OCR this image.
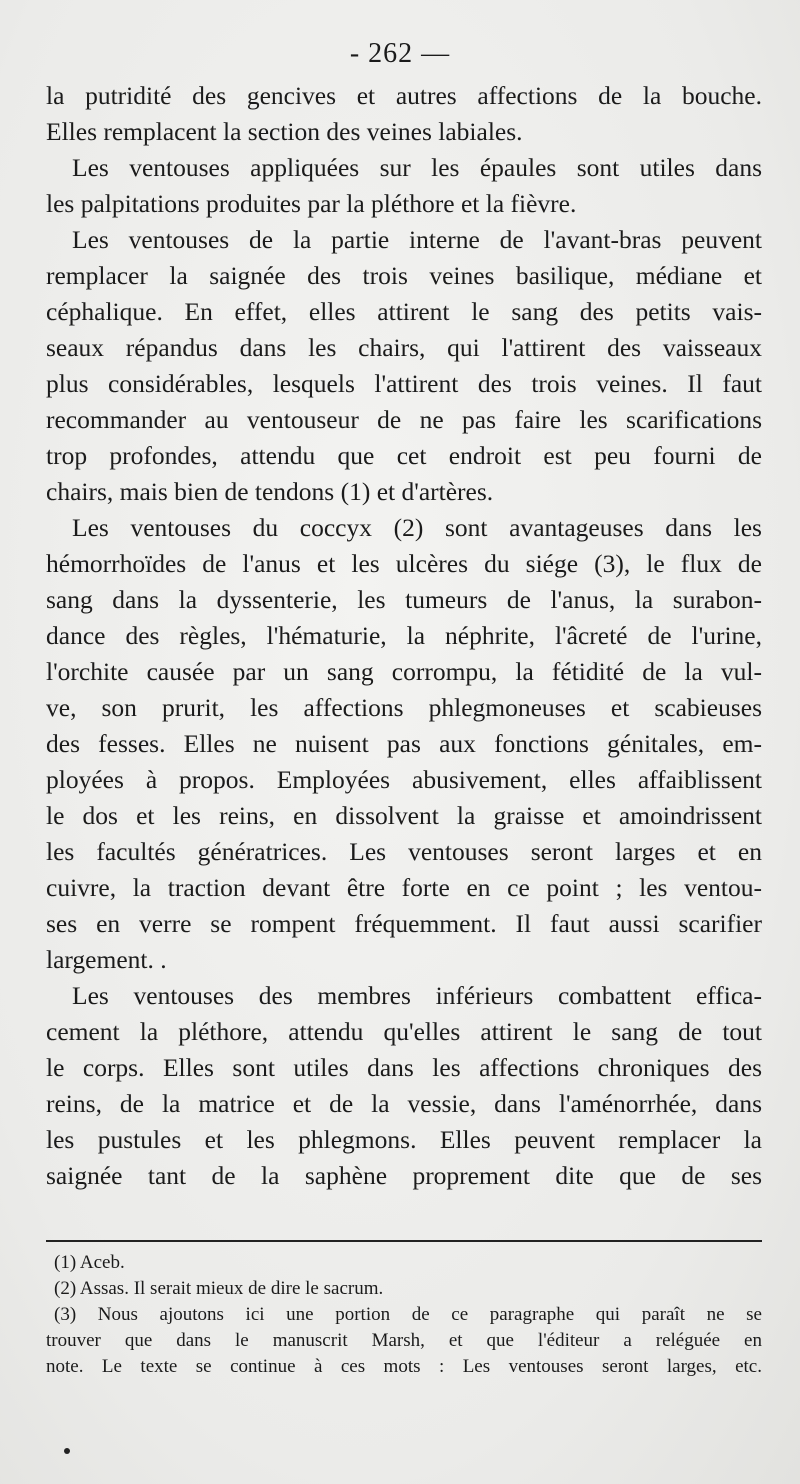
- 262 —
la putridité des gencives et autres affections de la bouche.
Elles remplacent la section des veines labiales.
Les ventouses appliquées sur les épaules sont utiles dans
les palpitations produites par la pléthore et la fièvre.
Les ventouses de la partie interne de l'avant-bras peuvent
remplacer la saignée des trois veines basilique, médiane et
céphalique. En effet, elles attirent le sang des petits vais-
seaux répandus dans les chairs, qui l'attirent des vaisseaux
plus considérables, lesquels l'attirent des trois veines. Il faut
recommander au ventouseur de ne pas faire les scarifications
trop profondes, attendu que cet endroit est peu fourni de
chairs, mais bien de tendons (1) et d'artères.
Les ventouses du coccyx (2) sont avantageuses dans les
hémorrhoïdes de l'anus et les ulcères du siége (3), le flux de
sang dans la dyssenterie, les tumeurs de l'anus, la surabon-
dance des règles, l'hématurie, la néphrite, l'âcreté de l'urine,
l'orchite causée par un sang corrompu, la fétidité de la vul-
ve, son prurit, les affections phlegmoneuses et scabieuses
des fesses. Elles ne nuisent pas aux fonctions génitales, em-
ployées à propos. Employées abusivement, elles affaiblissent
le dos et les reins, en dissolvent la graisse et amoindrissent
les facultés génératrices. Les ventouses seront larges et en
cuivre, la traction devant être forte en ce point ; les ventou-
ses en verre se rompent fréquemment. Il faut aussi scarifier
largement. .
Les ventouses des membres inférieurs combattent effica-
cement la pléthore, attendu qu'elles attirent le sang de tout
le corps. Elles sont utiles dans les affections chroniques des
reins, de la matrice et de la vessie, dans l'aménorrhée, dans
les pustules et les phlegmons. Elles peuvent remplacer la
saignée tant de la saphène proprement dite que de ses
(1) Aceb.
(2) Assas. Il serait mieux de dire le sacrum.
(3) Nous ajoutons ici une portion de ce paragraphe qui paraît ne se
trouver que dans le manuscrit Marsh, et que l'éditeur a reléguée en
note. Le texte se continue à ces mots : Les ventouses seront larges, etc.
